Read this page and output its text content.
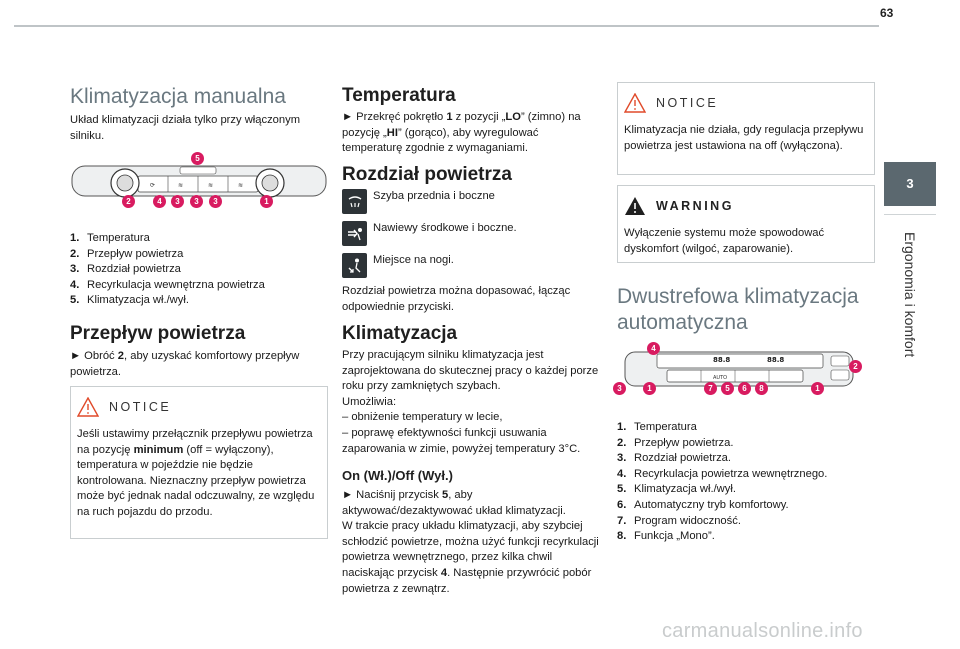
63
3
Ergonomia i komfort
Klimatyzacja manualna

Układ klimatyzacji działa tylko przy włączonym silniku.

⟳	≋	≋	≋
5
2	4	3	3	3	1
1. Temperatura
2. Przepływ powietrza
3. Rozdział powietrza
4. Recyrkulacja wewnętrzna powietrza
5. Klimatyzacja wł./wył.
Przepływ powietrza

► Obróć 2, aby uzyskać komfortowy przepływ powietrza.

NOTICE

Jeśli ustawimy przełącznik przepływu powietrza na pozycję minimum (off = wyłączony), temperatura w pojeździe nie będzie kontrolowana. Nieznaczny przepływ powietrza może być jednak nadal odczuwalny, ze względu na ruch pojazdu do przodu.

Temperatura

► Przekręć pokrętło 1 z pozycji „LO” (zimno) na pozycję „HI” (gorąco), aby wyregulować temperaturę zgodnie z wymaganiami.

Rozdział powietrza

Szyba przednia i boczne

Nawiewy środkowe i boczne.

Miejsce na nogi.

Rozdział powietrza można dopasować, łącząc odpowiednie przyciski.

Klimatyzacja

Przy pracującym silniku klimatyzacja jest zaprojektowana do skutecznej pracy o każdej porze roku przy zamkniętych szybach.

Umożliwia:

– obniżenie temperatury w lecie,

– poprawę efektywności funkcji usuwania zaparowania w zimie, powyżej temperatury 3°C.

On (Wł.)/Off (Wył.)

► Naciśnij przycisk 5, aby aktywować/dezaktywować układ klimatyzacji.

W trakcie pracy układu klimatyzacji, aby szybciej schłodzić powietrze, można użyć funkcji recyrkulacji powietrza wewnętrznego, przez kilka chwil naciskając przycisk 4. Następnie przywrócić pobór powietrza z zewnątrz.

NOTICE

Klimatyzacja nie działa, gdy regulacja przepływu powietrza jest ustawiona na off (wyłączona).

WARNING

Wyłączenie systemu może spowodować dyskomfort (wilgoć, zaparowanie).

Dwustrefowa klimatyzacja automatyczna
AUTO
88.8	88.8
4
2
3	1	7	5	6	8	1
1. Temperatura
2. Przepływ powietrza.
3. Rozdział powietrza.
4. Recyrkulacja powietrza wewnętrznego.
5. Klimatyzacja wł./wył.
6. Automatyczny tryb komfortowy.
7. Program widoczność.
8. Funkcja „Mono”.
carmanualsonline.info
